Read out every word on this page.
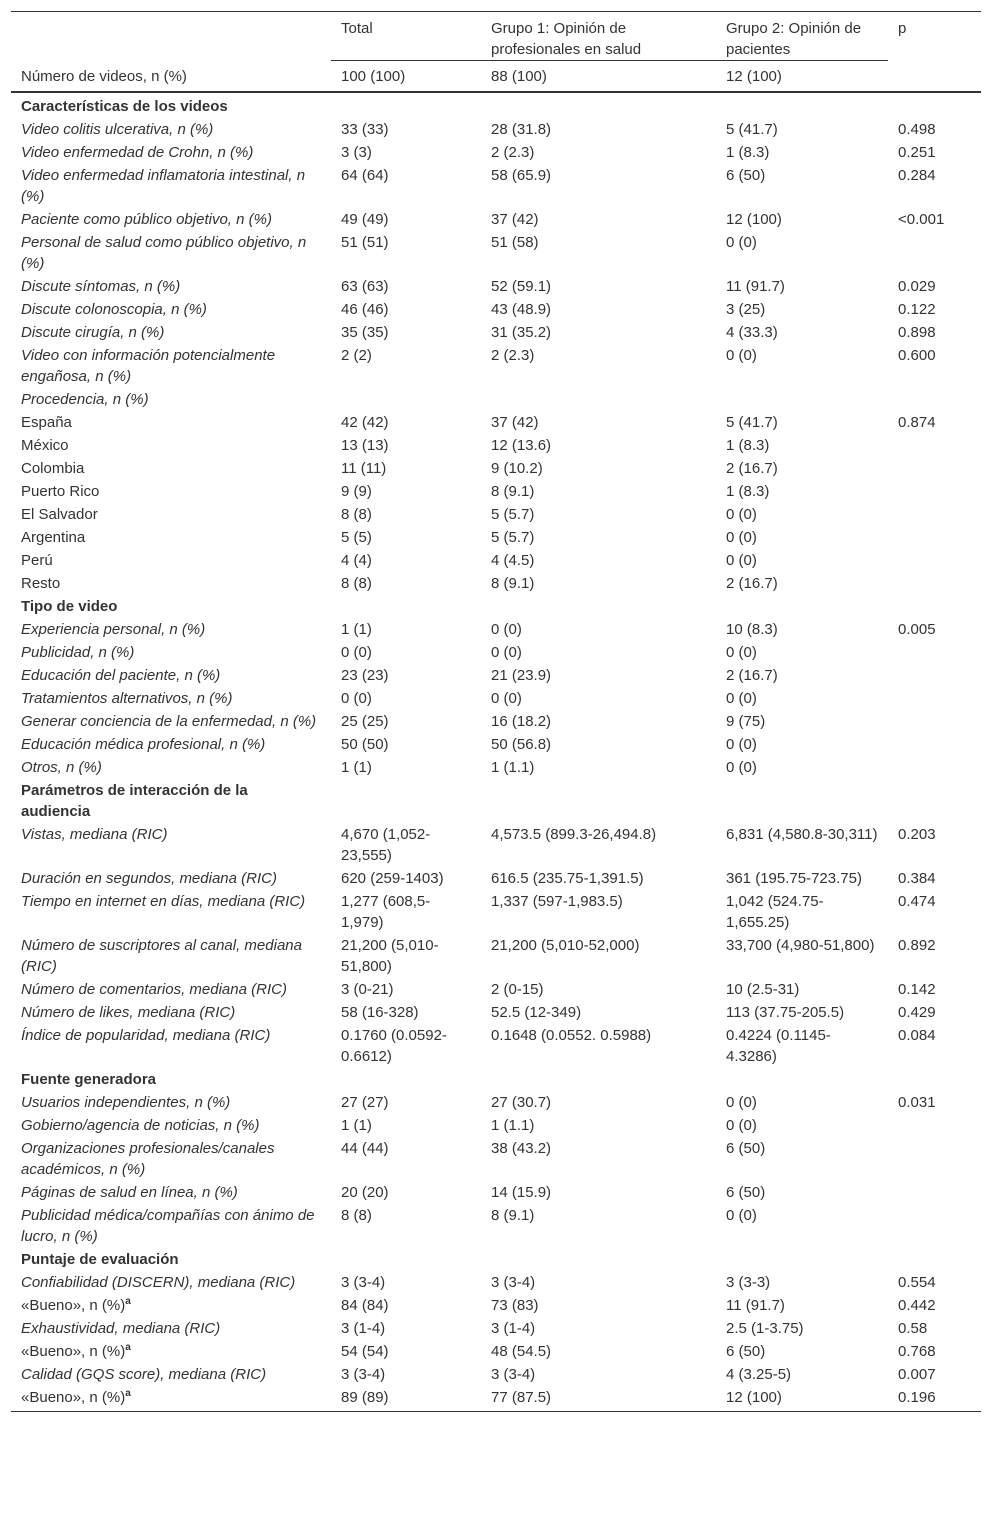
	Total	Grupo 1: Opinión de profesionales en salud	Grupo 2: Opinión de pacientes	p
Número de videos, n (%)	100 (100)	88 (100)	12 (100)	
Características de los videos				
Video colitis ulcerativa, n (%)	33 (33)	28 (31.8)	5 (41.7)	0.498
Video enfermedad de Crohn, n (%)	3 (3)	2 (2.3)	1 (8.3)	0.251
Video enfermedad inflamatoria intestinal, n (%)	64 (64)	58 (65.9)	6 (50)	0.284
Paciente como público objetivo, n (%)	49 (49)	37 (42)	12 (100)	<0.001
Personal de salud como público objetivo, n (%)	51 (51)	51 (58)	0 (0)	
Discute síntomas, n (%)	63 (63)	52 (59.1)	11 (91.7)	0.029
Discute colonoscopia, n (%)	46 (46)	43 (48.9)	3 (25)	0.122
Discute cirugía, n (%)	35 (35)	31 (35.2)	4 (33.3)	0.898
Video con información potencialmente engañosa, n (%)	2 (2)	2 (2.3)	0 (0)	0.600
Procedencia, n (%)				
España	42 (42)	37 (42)	5 (41.7)	0.874
México	13 (13)	12 (13.6)	1 (8.3)	
Colombia	11 (11)	9 (10.2)	2 (16.7)	
Puerto Rico	9 (9)	8 (9.1)	1 (8.3)	
El Salvador	8 (8)	5 (5.7)	0 (0)	
Argentina	5 (5)	5 (5.7)	0 (0)	
Perú	4 (4)	4 (4.5)	0 (0)	
Resto	8 (8)	8 (9.1)	2 (16.7)	
Tipo de video				
Experiencia personal, n (%)	1 (1)	0 (0)	10 (8.3)	0.005
Publicidad, n (%)	0 (0)	0 (0)	0 (0)	
Educación del paciente, n (%)	23 (23)	21 (23.9)	2 (16.7)	
Tratamientos alternativos, n (%)	0 (0)	0 (0)	0 (0)	
Generar conciencia de la enfermedad, n (%)	25 (25)	16 (18.2)	9 (75)	
Educación médica profesional, n (%)	50 (50)	50 (56.8)	0 (0)	
Otros, n (%)	1 (1)	1 (1.1)	0 (0)	
Parámetros de interacción de la audiencia				
Vistas, mediana (RIC)	4,670 (1,052-23,555)	4,573.5 (899.3-26,494.8)	6,831 (4,580.8-30,311)	0.203
Duración en segundos, mediana (RIC)	620 (259-1403)	616.5 (235.75-1,391.5)	361 (195.75-723.75)	0.384
Tiempo en internet en días, mediana (RIC)	1,277 (608,5-1,979)	1,337 (597-1,983.5)	1,042 (524.75-1,655.25)	0.474
Número de suscriptores al canal, mediana (RIC)	21,200 (5,010-51,800)	21,200 (5,010-52,000)	33,700 (4,980-51,800)	0.892
Número de comentarios, mediana (RIC)	3 (0-21)	2 (0-15)	10 (2.5-31)	0.142
Número de likes, mediana (RIC)	58 (16-328)	52.5 (12-349)	113 (37.75-205.5)	0.429
Índice de popularidad, mediana (RIC)	0.1760 (0.0592-0.6612)	0.1648 (0.0552. 0.5988)	0.4224 (0.1145-4.3286)	0.084
Fuente generadora				
Usuarios independientes, n (%)	27 (27)	27 (30.7)	0 (0)	0.031
Gobierno/agencia de noticias, n (%)	1 (1)	1 (1.1)	0 (0)	
Organizaciones profesionales/canales académicos, n (%)	44 (44)	38 (43.2)	6 (50)	
Páginas de salud en línea, n (%)	20 (20)	14 (15.9)	6 (50)	
Publicidad médica/compañías con ánimo de lucro, n (%)	8 (8)	8 (9.1)	0 (0)	
Puntaje de evaluación				
Confiabilidad (DISCERN), mediana (RIC)	3 (3-4)	3 (3-4)	3 (3-3)	0.554
«Bueno», n (%)$^a$	84 (84)	73 (83)	11 (91.7)	0.442
Exhaustividad, mediana (RIC)	3 (1-4)	3 (1-4)	2.5 (1-3.75)	0.58
«Bueno», n (%)$^a$	54 (54)	48 (54.5)	6 (50)	0.768
Calidad (GQS score), mediana (RIC)	3 (3-4)	3 (3-4)	4 (3.25-5)	0.007
«Bueno», n (%)$^a$	89 (89)	77 (87.5)	12 (100)	0.196
